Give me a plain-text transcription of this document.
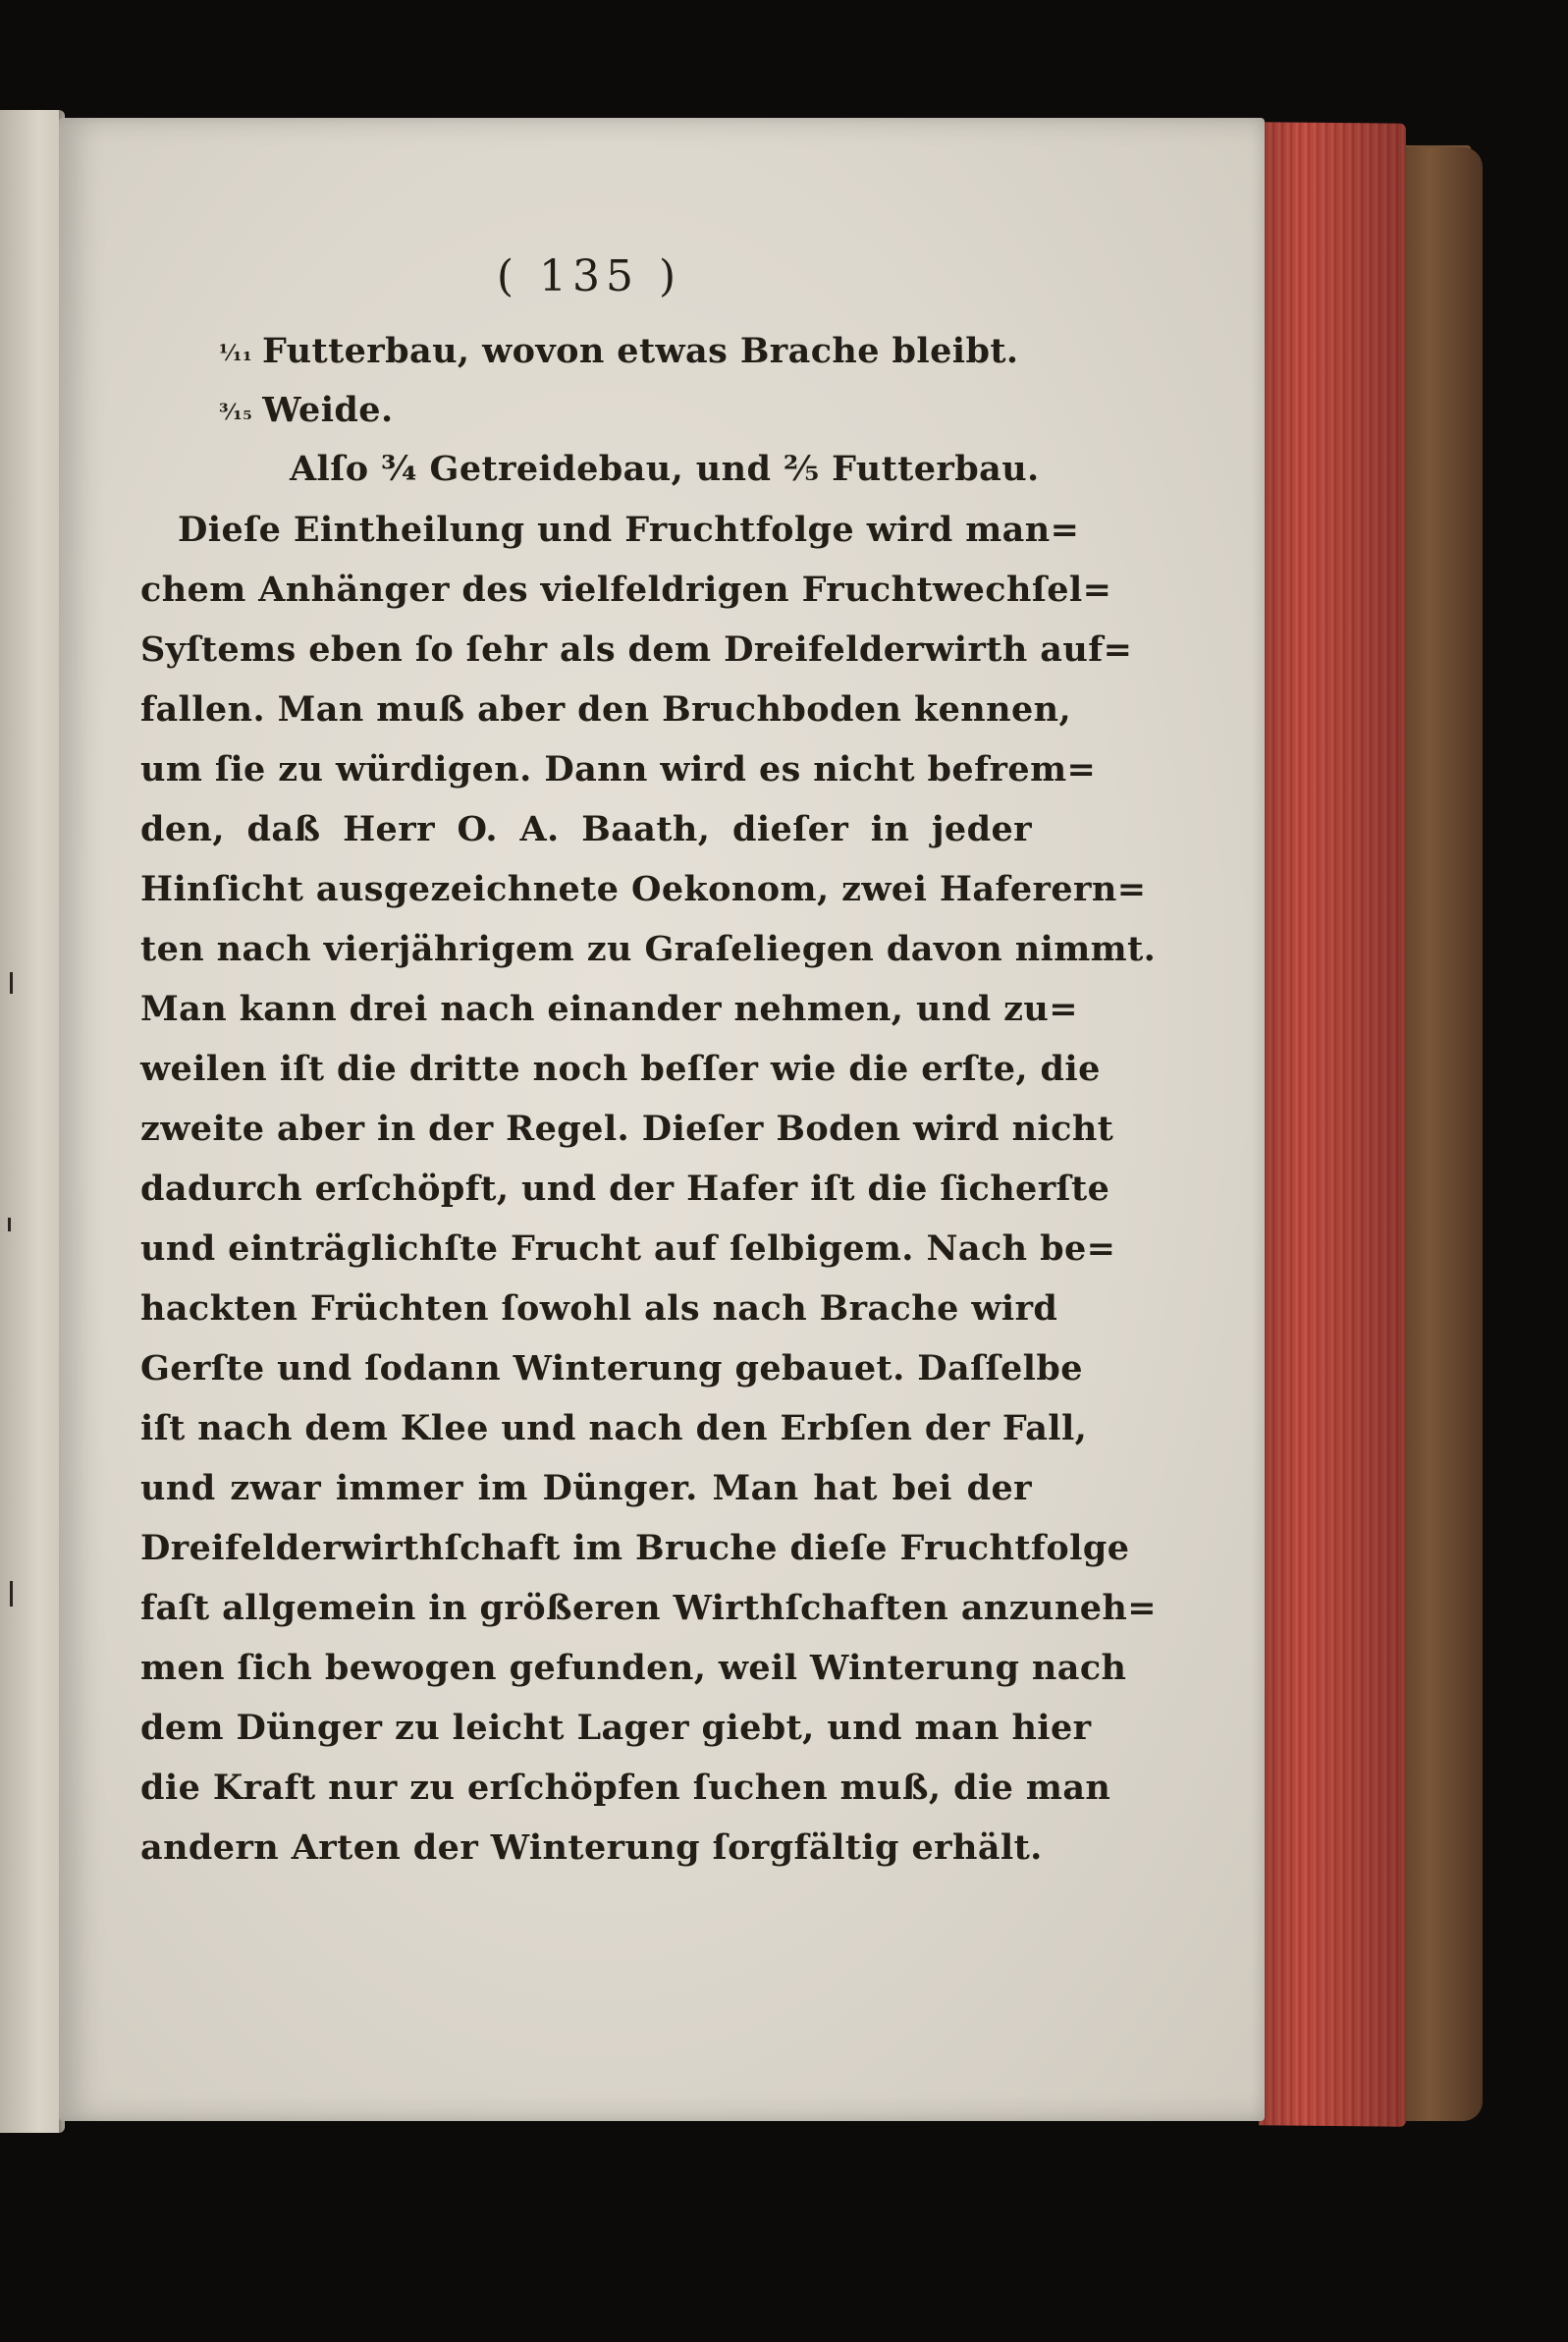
( 135 )
⅟₁₁ Futterbau, wovon etwas Brache bleibt.
³⁄₁₅ Weide.
Alſo ¾ Getreidebau, und ⅖ Futterbau.
Dieſe Eintheilung und Fruchtfolge wird man=
chem Anhänger des vielfeldrigen Fruchtwechſel=
Syſtems eben ſo ſehr als dem Dreifelderwirth auf=
fallen. Man muß aber den Bruchboden kennen,
um ſie zu würdigen. Dann wird es nicht befrem=
den, daß Herr O. A. Baath, dieſer in jeder
Hinſicht ausgezeichnete Oekonom, zwei Haferern=
ten nach vierjährigem zu Graſeliegen davon nimmt.
Man kann drei nach einander nehmen, und zu=
weilen iſt die dritte noch beſſer wie die erſte, die
zweite aber in der Regel. Dieſer Boden wird nicht
dadurch erſchöpft, und der Hafer iſt die ſicherſte
und einträglichſte Frucht auf ſelbigem. Nach be=
hackten Früchten ſowohl als nach Brache wird
Gerſte und ſodann Winterung gebauet. Daſſelbe
iſt nach dem Klee und nach den Erbſen der Fall,
und zwar immer im Dünger. Man hat bei der
Dreifelderwirthſchaft im Bruche dieſe Fruchtfolge
faſt allgemein in größeren Wirthſchaften anzuneh=
men ſich bewogen gefunden, weil Winterung nach
dem Dünger zu leicht Lager giebt, und man hier
die Kraft nur zu erſchöpfen ſuchen muß, die man
andern Arten der Winterung ſorgfältig erhält.
